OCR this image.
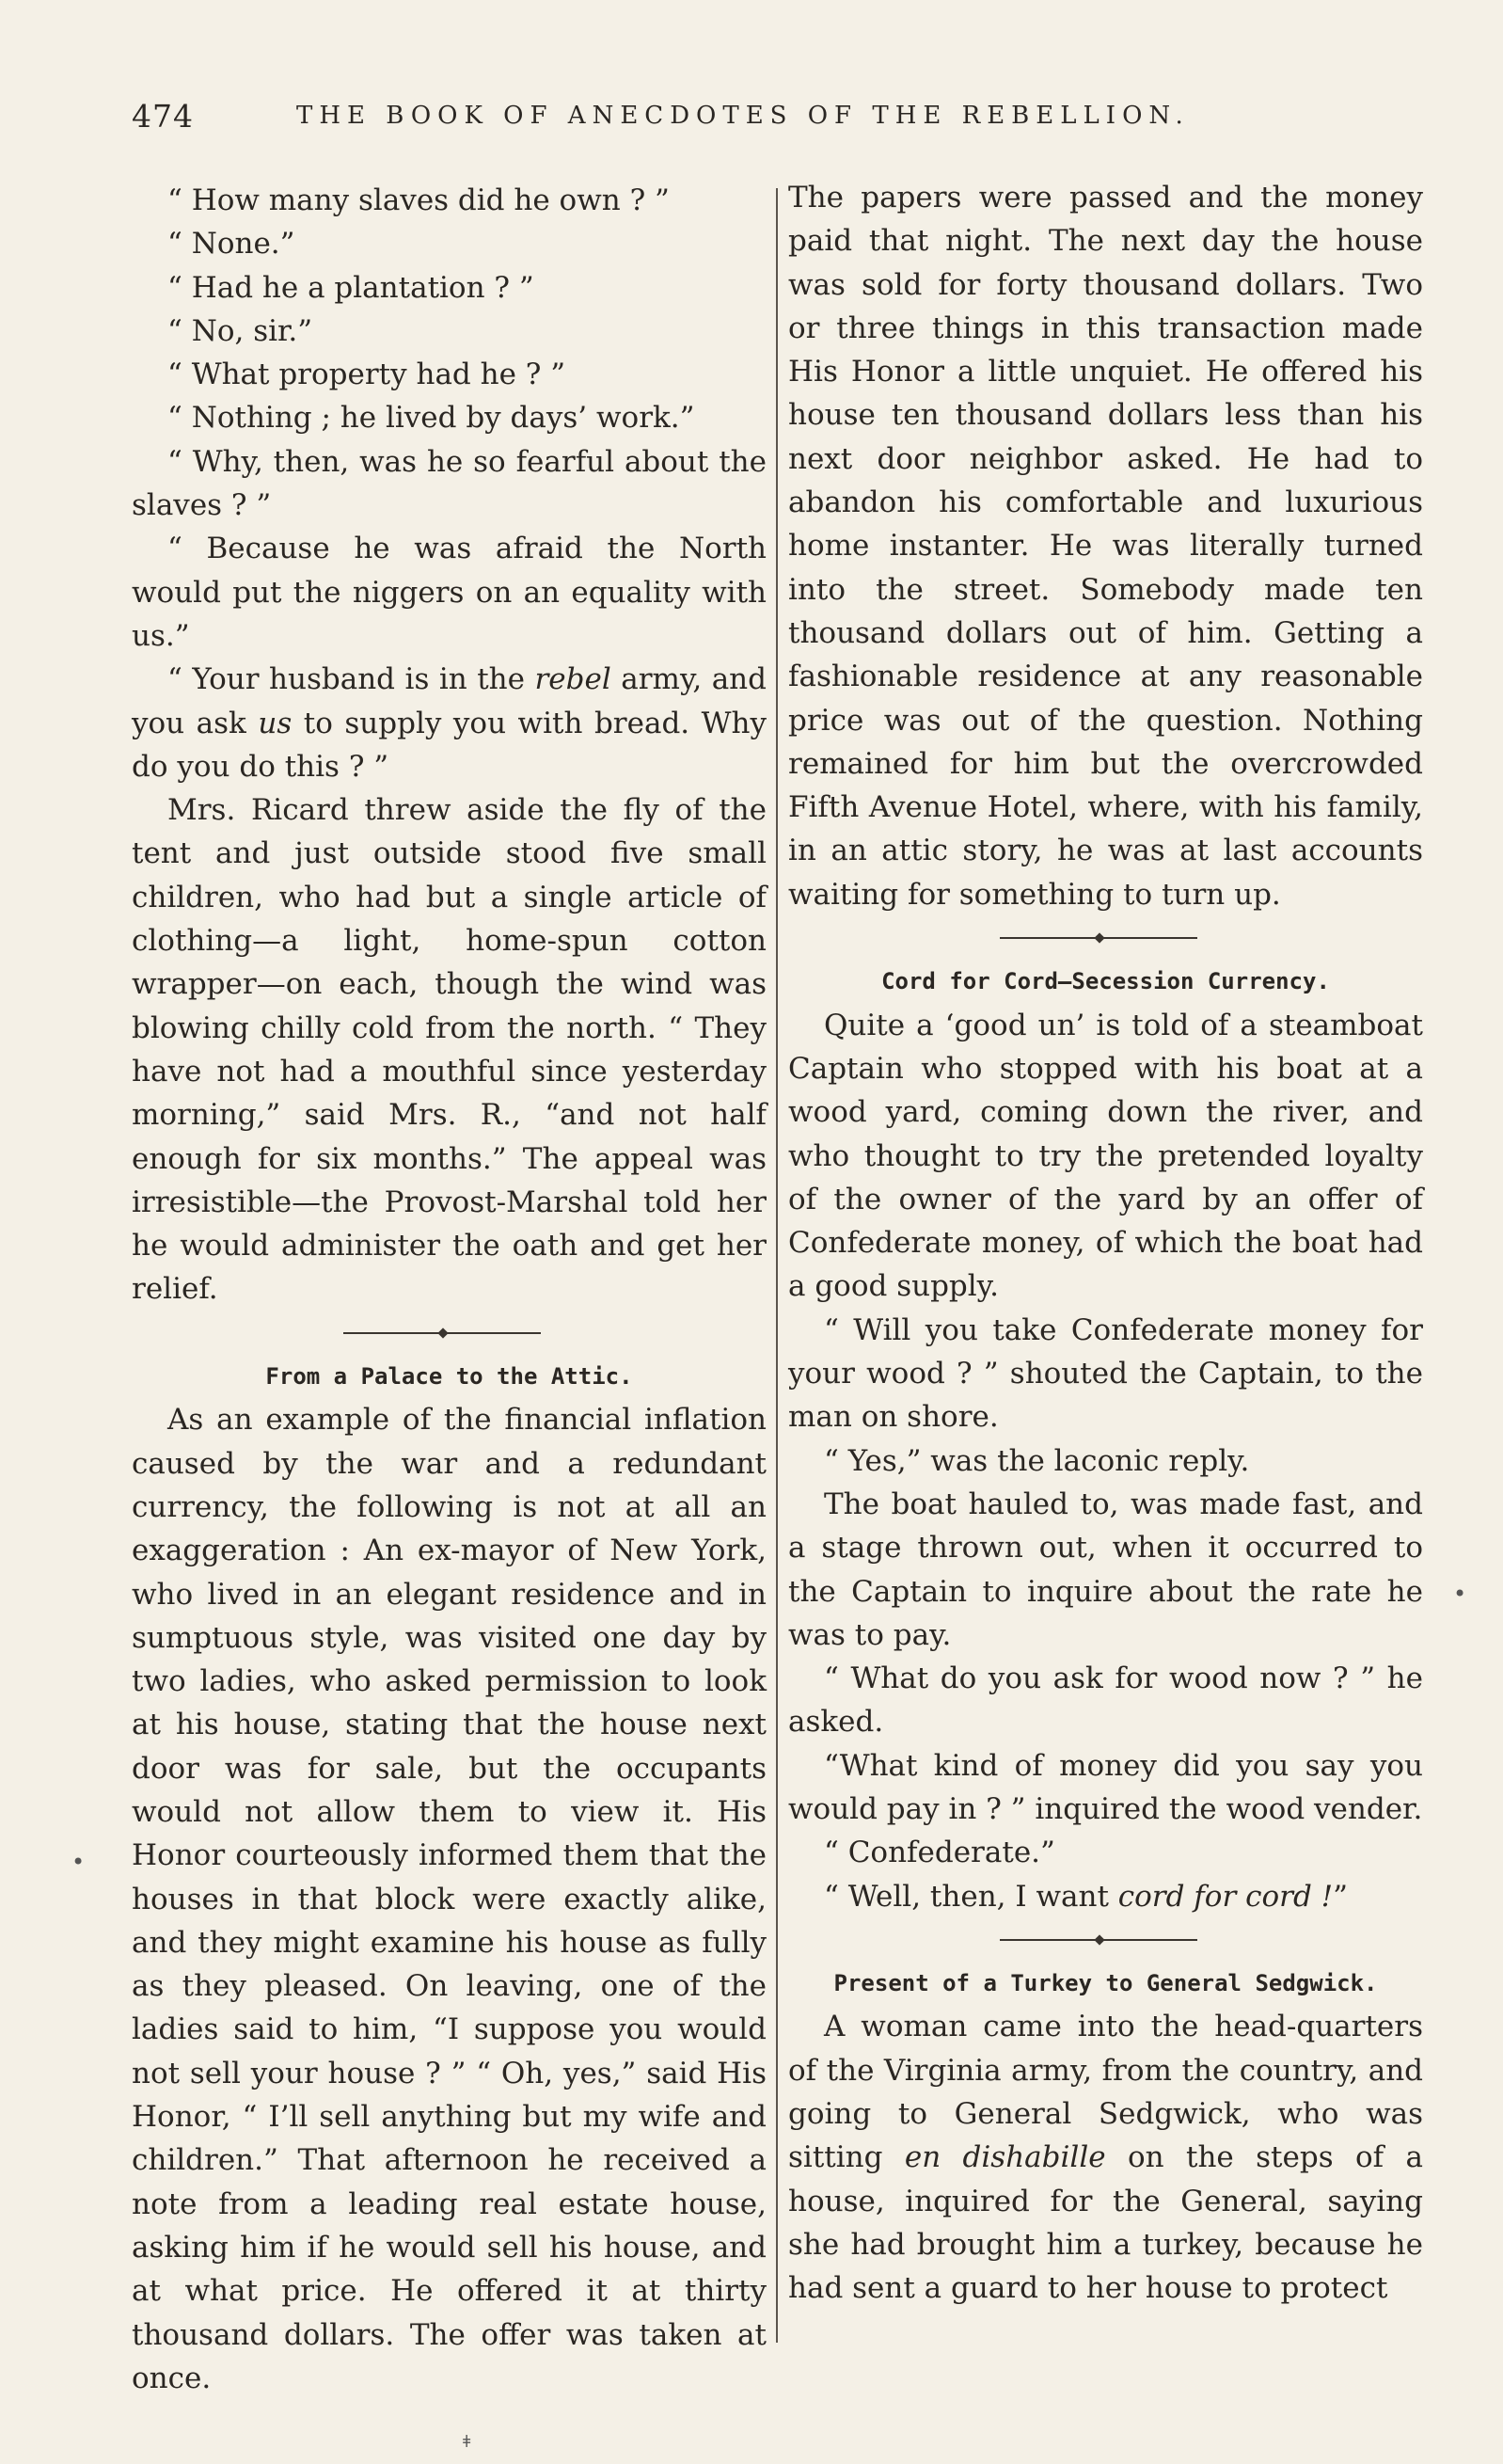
474	THE BOOK OF ANECDOTES OF THE REBELLION.

“ How many slaves did he own ? ”

“ None.”

“ Had he a plantation ? ”

“ No, sir.”

“ What property had he ? ”

“ Nothing ; he lived by days’ work.”

“ Why, then, was he so fearful about the slaves ? ”

“ Because he was afraid the North would put the niggers on an equality with us.”

“ Your husband is in the rebel army, and you ask us to supply you with bread. Why do you do this ? ”

Mrs. Ricard threw aside the fly of the tent and just outside stood five small children, who had but a single article of clothing—a light, home-spun cotton wrapper—on each, though the wind was blowing chilly cold from the north. “ They have not had a mouthful since yesterday morning,” said Mrs. R., “and not half enough for six months.” The appeal was irresistible—the Provost-Marshal told her he would administer the oath and get her relief.

From a Palace to the Attic.

As an example of the financial inflation caused by the war and a redundant currency, the following is not at all an exaggeration : An ex-mayor of New York, who lived in an elegant residence and in sumptuous style, was visited one day by two ladies, who asked permission to look at his house, stating that the house next door was for sale, but the occupants would not allow them to view it. His Honor courteously informed them that the houses in that block were exactly alike, and they might examine his house as fully as they pleased. On leaving, one of the ladies said to him, “I suppose you would not sell your house ? ” “ Oh, yes,” said His Honor, “ I’ll sell anything but my wife and children.” That afternoon he received a note from a leading real estate house, asking him if he would sell his house, and at what price. He offered it at thirty thousand dollars. The offer was taken at once.

The papers were passed and the money paid that night. The next day the house was sold for forty thousand dollars. Two or three things in this transaction made His Honor a little unquiet. He offered his house ten thousand dollars less than his next door neighbor asked. He had to abandon his comfortable and luxurious home instanter. He was literally turned into the street. Somebody made ten thousand dollars out of him. Getting a fashionable residence at any reasonable price was out of the question. Nothing remained for him but the overcrowded Fifth Avenue Hotel, where, with his family, in an attic story, he was at last accounts waiting for something to turn up.

Cord for Cord—Secession Currency.

Quite a ‘good un’ is told of a steamboat Captain who stopped with his boat at a wood yard, coming down the river, and who thought to try the pretended loyalty of the owner of the yard by an offer of Confederate money, of which the boat had a good supply.

“ Will you take Confederate money for your wood ? ” shouted the Captain, to the man on shore.

“ Yes,” was the laconic reply.

The boat hauled to, was made fast, and a stage thrown out, when it occurred to the Captain to inquire about the rate he was to pay.

“ What do you ask for wood now ? ” he asked.

“What kind of money did you say you would pay in ? ” inquired the wood vender.

“ Confederate.”

“ Well, then, I want cord for cord !”

Present of a Turkey to General Sedgwick.

A woman came into the head-quarters of the Virginia army, from the country, and going to General Sedgwick, who was sitting en dishabille on the steps of a house, inquired for the General, saying she had brought him a turkey, because he had sent a guard to her house to protect

•
•
ǂ
